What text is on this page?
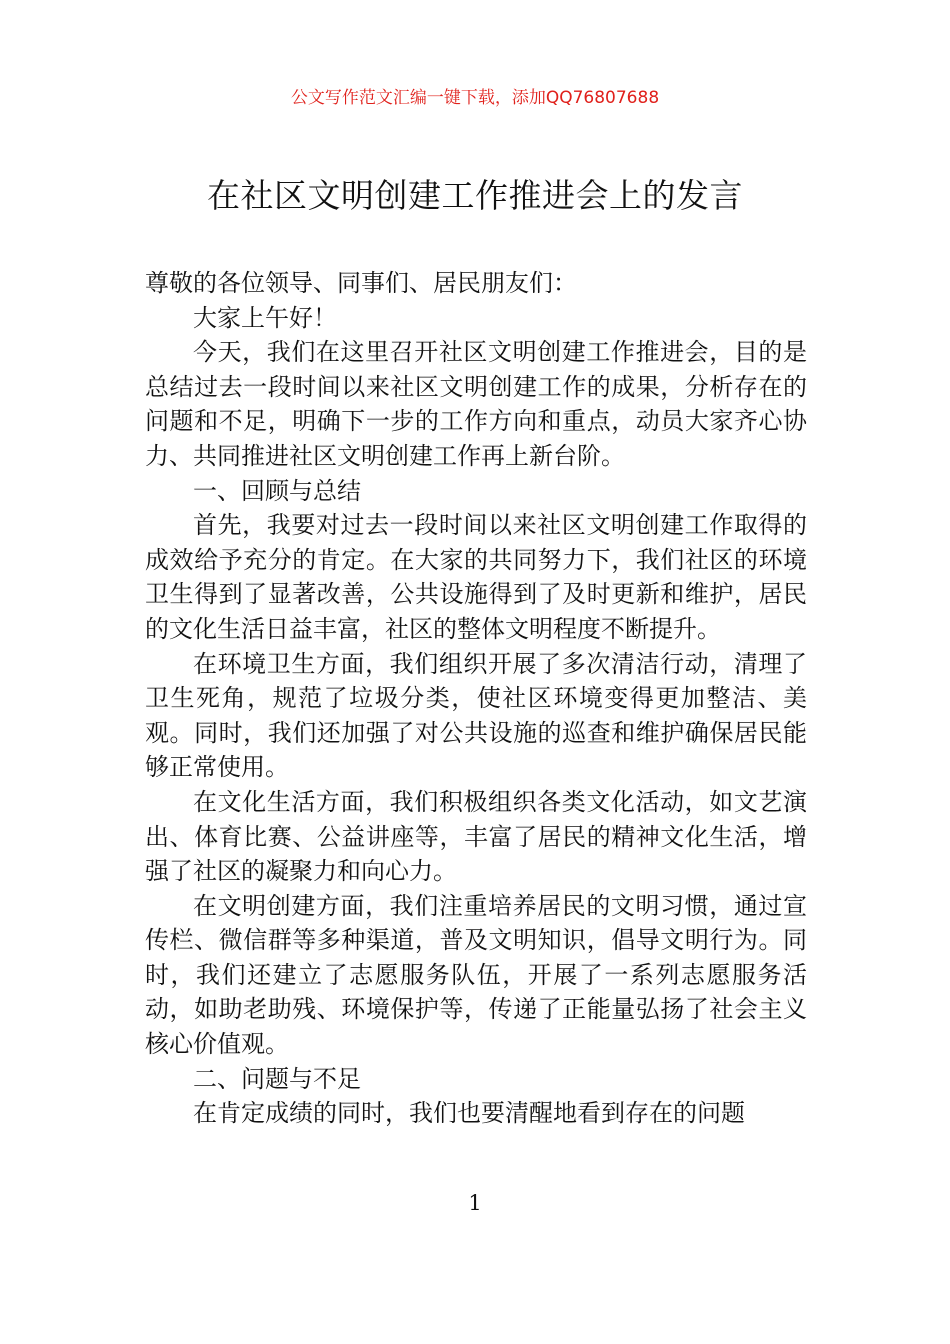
公文写作范文汇编一键下载，添加QQ76807688
在社区文明创建工作推进会上的发言

尊敬的各位领导、同事们、居民朋友们：

大家上午好！

今天，我们在这里召开社区文明创建工作推进会，目的是总结过去一段时间以来社区文明创建工作的成果，分析存在的问题和不足，明确下一步的工作方向和重点，动员大家齐心协力、共同推进社区文明创建工作再上新台阶。

一、回顾与总结

首先，我要对过去一段时间以来社区文明创建工作取得的成效给予充分的肯定。在大家的共同努力下，我们社区的环境卫生得到了显著改善，公共设施得到了及时更新和维护，居民的文化生活日益丰富，社区的整体文明程度不断提升。

在环境卫生方面，我们组织开展了多次清洁行动，清理了卫生死角，规范了垃圾分类，使社区环境变得更加整洁、美观。同时，我们还加强了对公共设施的巡查和维护确保居民能够正常使用。

在文化生活方面，我们积极组织各类文化活动，如文艺演出、体育比赛、公益讲座等，丰富了居民的精神文化生活，增强了社区的凝聚力和向心力。

在文明创建方面，我们注重培养居民的文明习惯，通过宣传栏、微信群等多种渠道，普及文明知识，倡导文明行为。同时，我们还建立了志愿服务队伍，开展了一系列志愿服务活动，如助老助残、环境保护等，传递了正能量弘扬了社会主义核心价值观。

二、问题与不足

在肯定成绩的同时，我们也要清醒地看到存在的问题

1
